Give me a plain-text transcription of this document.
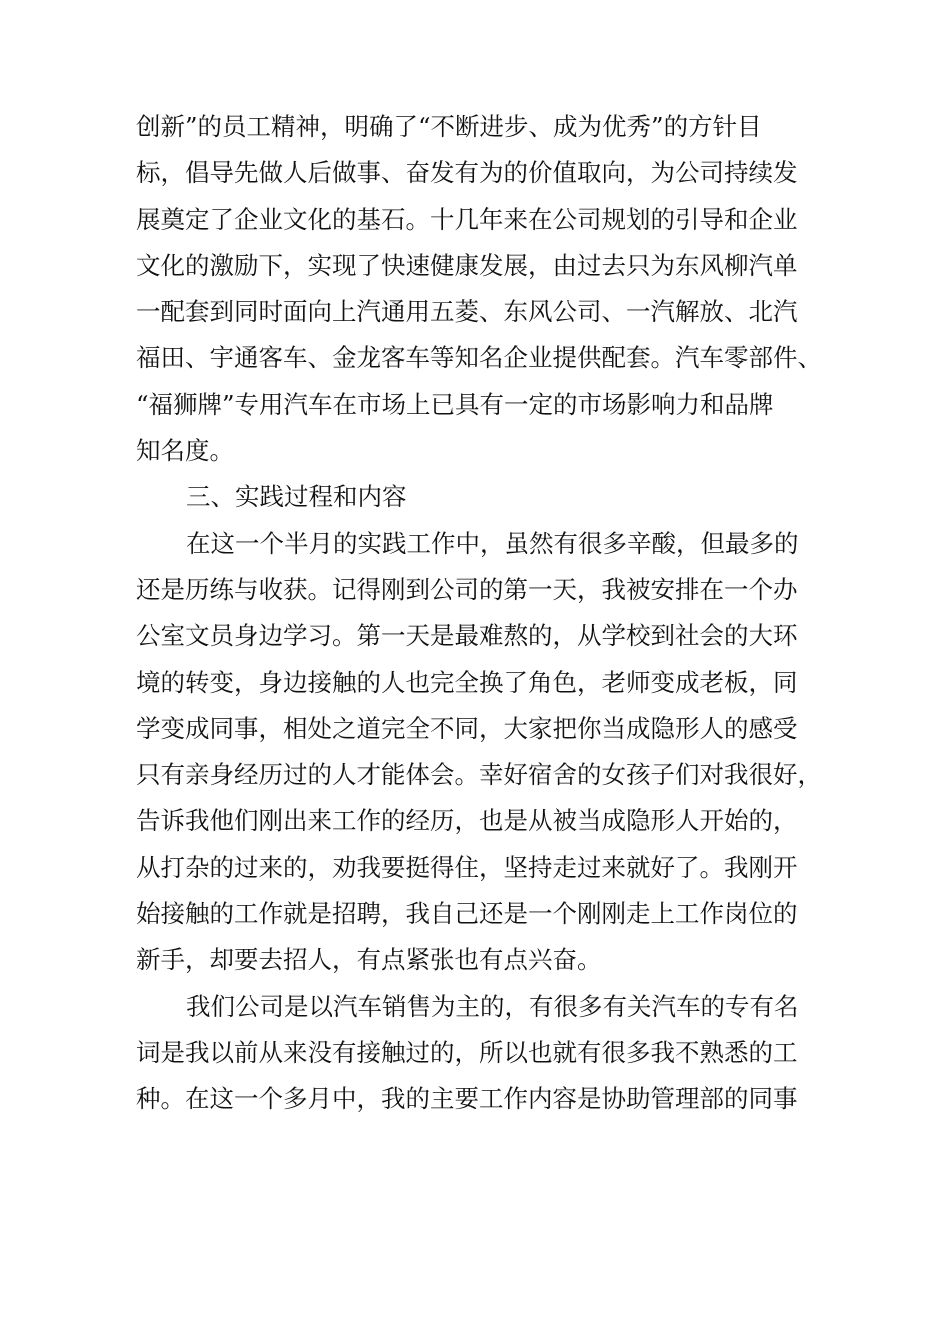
创新”的员工精神，明确了“不断进步、成为优秀”的方针目
标，倡导先做人后做事、奋发有为的价值取向，为公司持续发
展奠定了企业文化的基石。十几年来在公司规划的引导和企业
文化的激励下，实现了快速健康发展，由过去只为东风柳汽单
一配套到同时面向上汽通用五菱、东风公司、一汽解放、北汽
福田、宇通客车、金龙客车等知名企业提供配套。汽车零部件、
“福狮牌”专用汽车在市场上已具有一定的市场影响力和品牌
知名度。
三、实践过程和内容
在这一个半月的实践工作中，虽然有很多辛酸，但最多的
还是历练与收获。记得刚到公司的第一天，我被安排在一个办
公室文员身边学习。第一天是最难熬的，从学校到社会的大环
境的转变，身边接触的人也完全换了角色，老师变成老板，同
学变成同事，相处之道完全不同，大家把你当成隐形人的感受
只有亲身经历过的人才能体会。幸好宿舍的女孩子们对我很好，
告诉我他们刚出来工作的经历，也是从被当成隐形人开始的，
从打杂的过来的，劝我要挺得住，坚持走过来就好了。我刚开
始接触的工作就是招聘，我自己还是一个刚刚走上工作岗位的
新手，却要去招人，有点紧张也有点兴奋。
我们公司是以汽车销售为主的，有很多有关汽车的专有名
词是我以前从来没有接触过的，所以也就有很多我不熟悉的工
种。在这一个多月中，我的主要工作内容是协助管理部的同事
